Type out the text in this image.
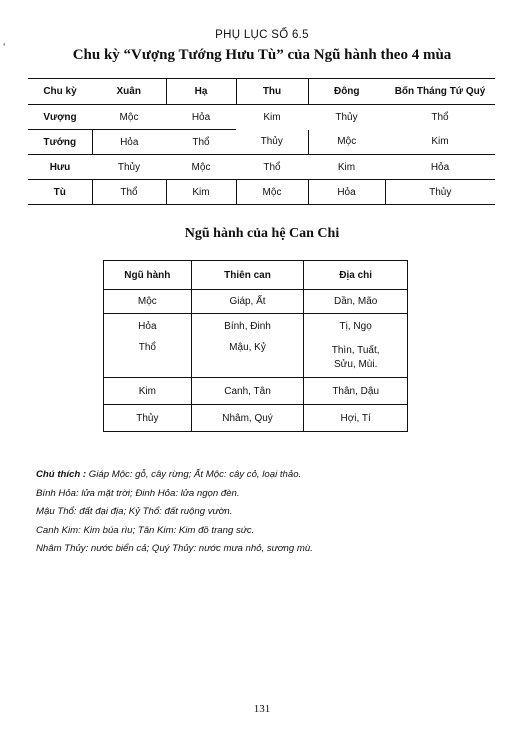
PHỤ LỤC SỐ 6.5
Chu kỳ “Vượng Tướng Hưu Tù” của Ngũ hành theo 4 mùa
ʻ
Chu kỳ	Xuân	Hạ	Thu	Đông	Bốn Tháng Tứ Quý
Vượng	Mộc	Hỏa	Kim	Thủy	Thổ
Tướng	Hỏa	Thổ	Thủy	Mộc	Kim
Hưu	Thủy	Mộc	Thổ	Kim	Hỏa
Tù	Thổ	Kim	Mộc	Hỏa	Thủy
Ngũ hành của hệ Can Chi
Ngũ hành	Thiên can	Địa chi
Mộc	Giáp, Ất	Dần, Mão
Hỏa	Bính, Đinh	Tị, Ngọ
Thổ	Mậu, Kỷ	Thìn, Tuất,
Sửu, Mùi.

Kim	Canh, Tân	Thân, Dậu
Thủy	Nhâm, Quý	Hợi, Tí
Chú thích : Giáp Mộc: gỗ, cây rừng; Ất Mộc: cây cỏ, loại thảo.
Bính Hỏa: lửa mặt trời; Đinh Hỏa: lửa ngọn đèn.
Mậu Thổ: đất đại địa; Kỷ Thổ: đất ruộng vườn.
Canh Kim: Kim búa rìu; Tân Kim: Kim đồ trang sức.
Nhâm Thủy: nước biển cả; Quý Thủy: nước mưa nhỏ, sương mù.
131
